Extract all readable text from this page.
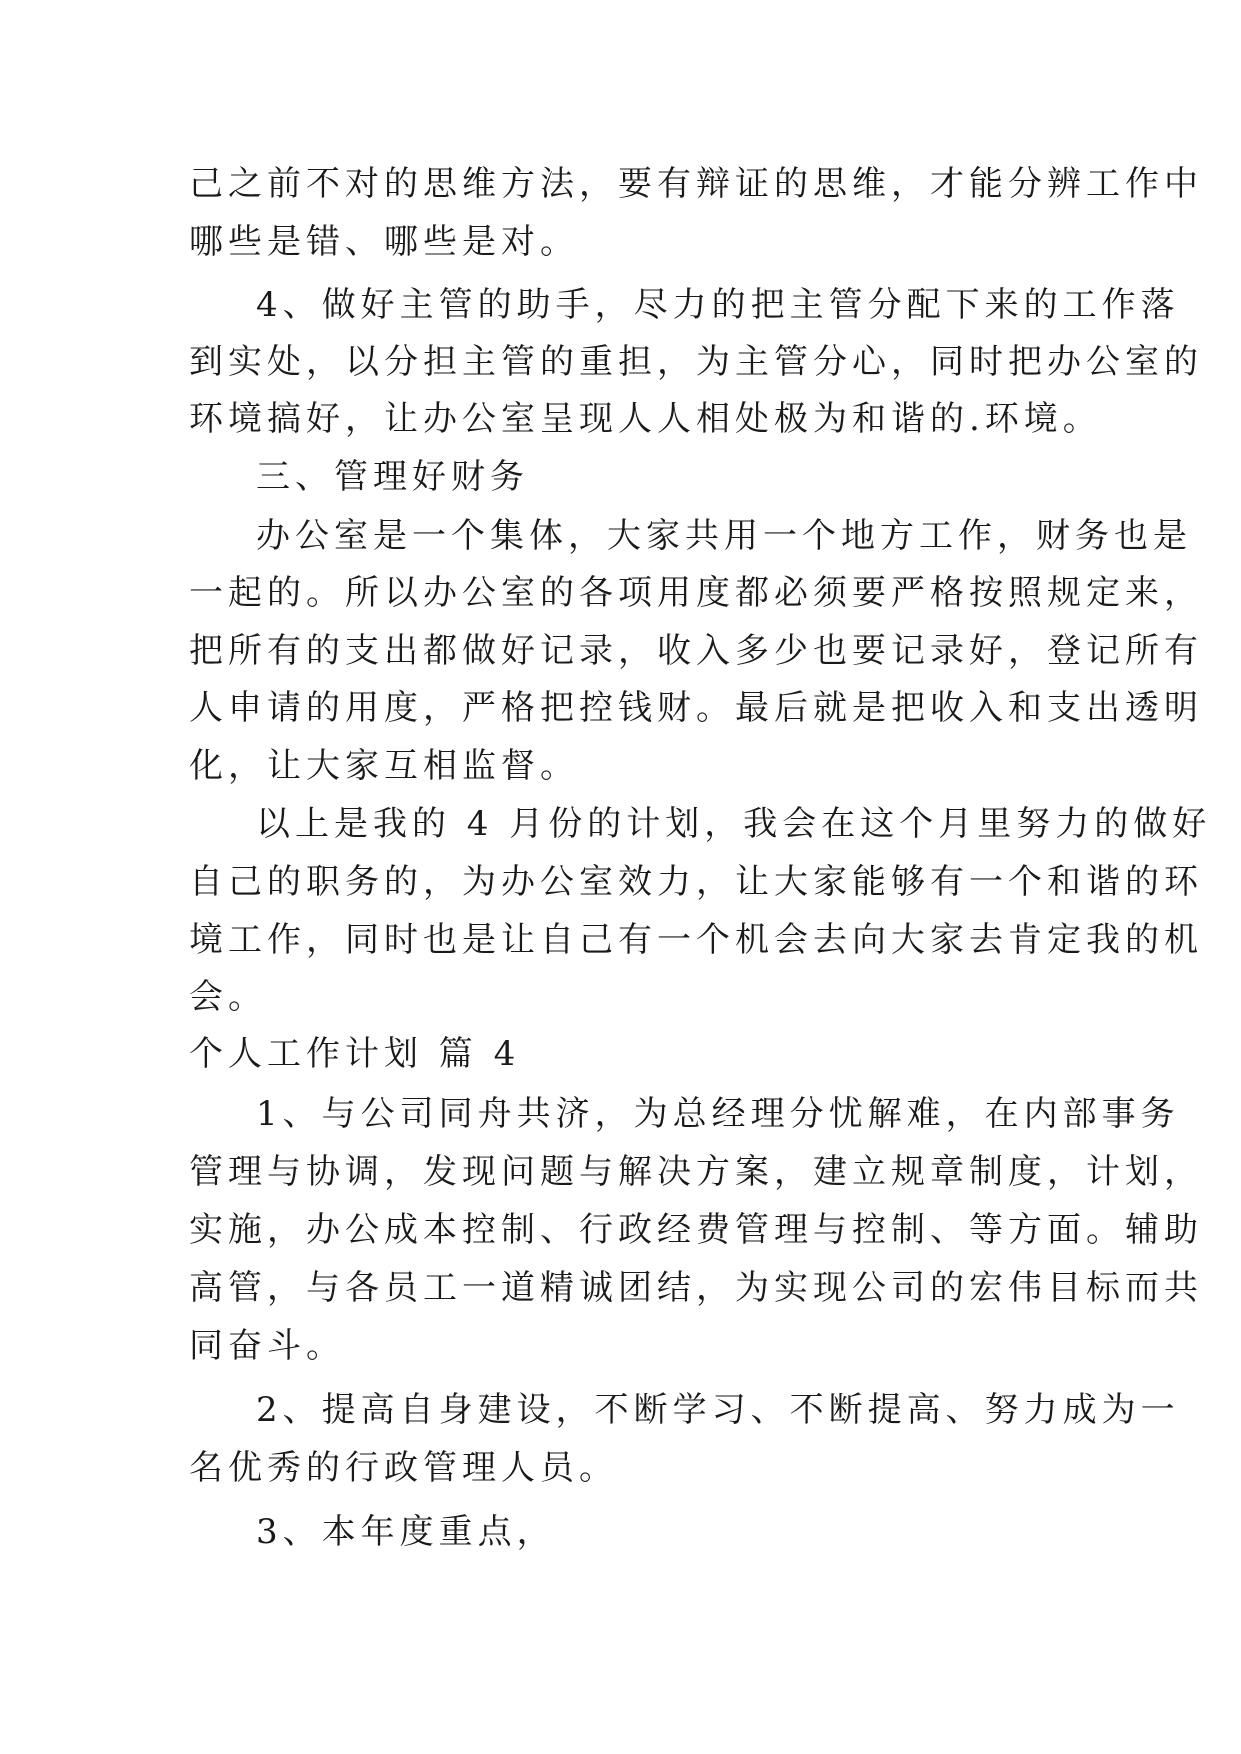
己之前不对的思维方法，要有辩证的思维，才能分辨工作中
哪些是错、哪些是对。
4、做好主管的助手，尽力的把主管分配下来的工作落
到实处，以分担主管的重担，为主管分心，同时把办公室的
环境搞好，让办公室呈现人人相处极为和谐的.环境。
三、管理好财务
办公室是一个集体，大家共用一个地方工作，财务也是
一起的。所以办公室的各项用度都必须要严格按照规定来，
把所有的支出都做好记录，收入多少也要记录好，登记所有
人申请的用度，严格把控钱财。最后就是把收入和支出透明
化，让大家互相监督。
以上是我的 4 月份的计划，我会在这个月里努力的做好
自己的职务的，为办公室效力，让大家能够有一个和谐的环
境工作，同时也是让自己有一个机会去向大家去肯定我的机
会。
个人工作计划 篇 4
1、与公司同舟共济，为总经理分忧解难，在内部事务
管理与协调，发现问题与解决方案，建立规章制度，计划，
实施，办公成本控制、行政经费管理与控制、等方面。辅助
高管，与各员工一道精诚团结，为实现公司的宏伟目标而共
同奋斗。
2、提高自身建设，不断学习、不断提高、努力成为一
名优秀的行政管理人员。
3、本年度重点，
